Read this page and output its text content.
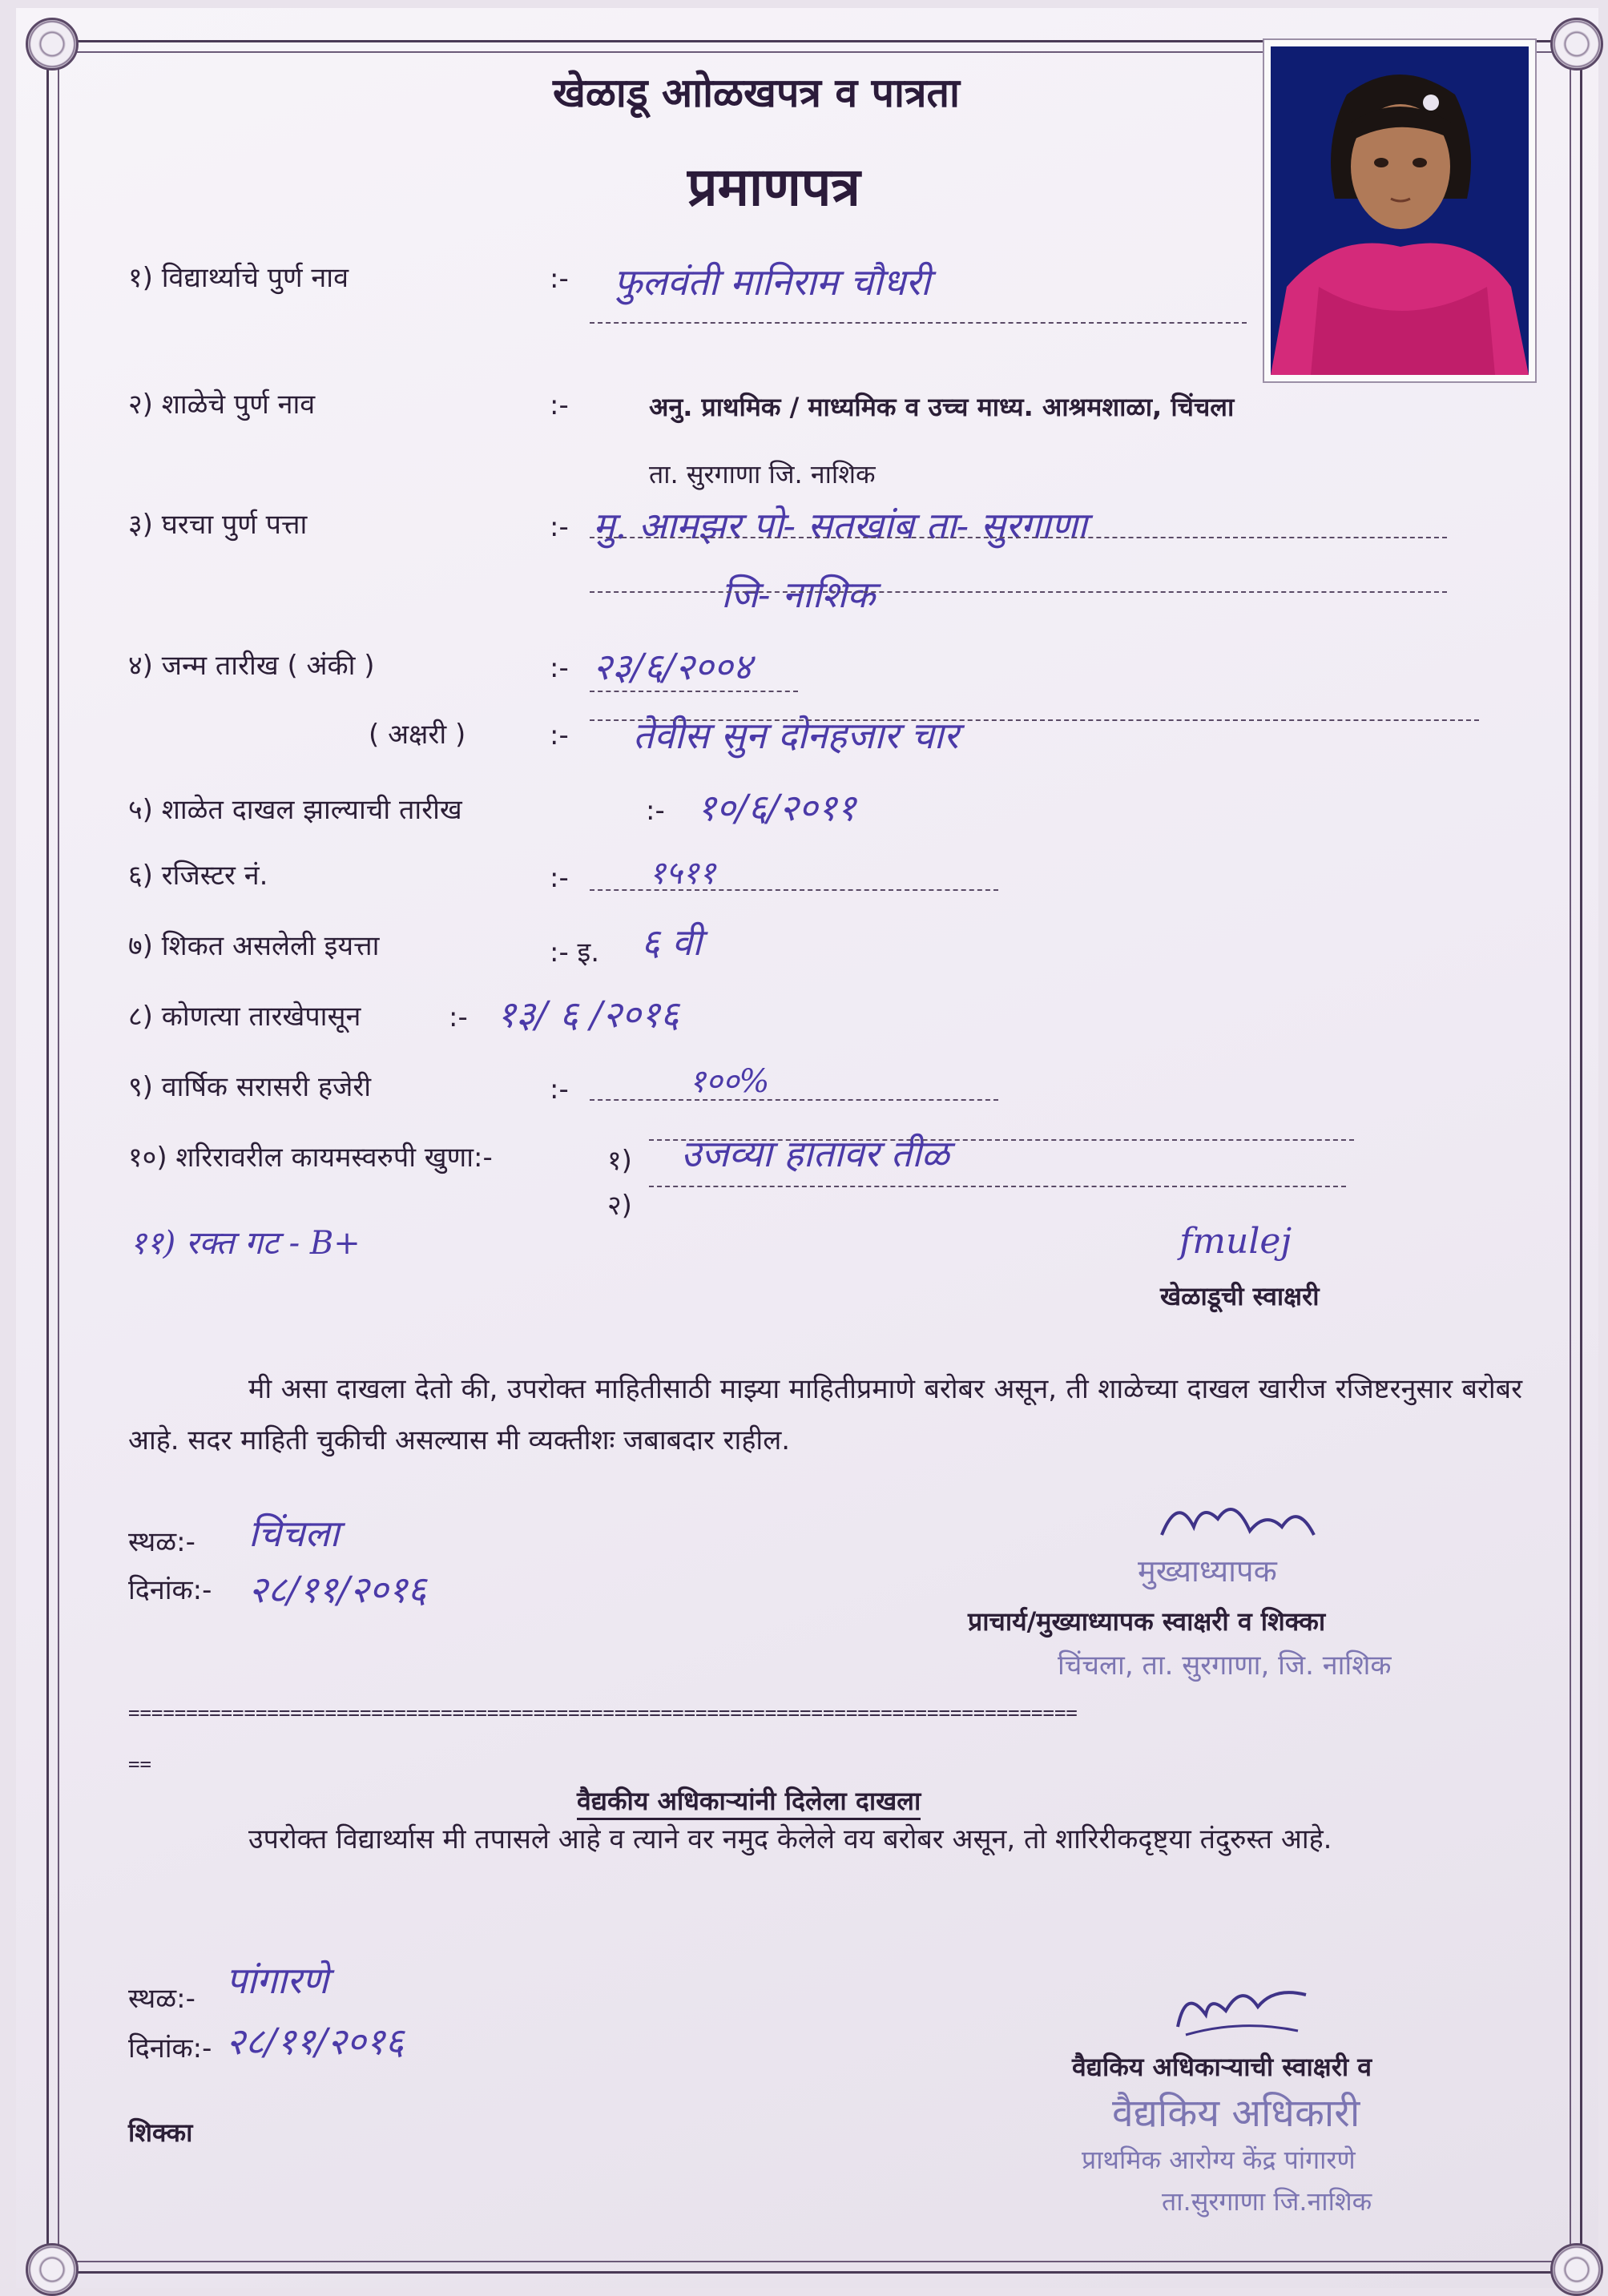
खेळाडू आोळखपत्र व पात्रता
प्रमाणपत्र
१) विद्यार्थ्याचे पुर्ण नाव	:- फुलवंती मानिराम चौधरी
२) शाळेचे पुर्ण नाव	:-	अनु. प्राथमिक / माध्यमिक व उच्च माध्य. आश्रमशाळा, चिंचला
ता. सुरगाणा जि. नाशिक
३) घरचा पुर्ण पत्ता	:- मु. आमझर पो- सतखांब ता- सुरगाणा
जि- नाशिक
४) जन्म तारीख ( अंकी )	:- २३/६/२००४
( अक्षरी )	:- तेवीस सुन दोनहजार चार
५) शाळेत दाखल झाल्याची तारीख	:- १०/६/२०११
६) रजिस्टर नं.	:-	१५११
७) शिकत असलेली इयत्ता	:- इ. ६ वी
८) कोणत्या तारखेपासून	:- १३/ ६ /२०१६
९) वार्षिक सरासरी हजेरी	:-	१००%
१०) शरिरावरील कायमस्वरुपी खुणा:-	१) उजव्या हातावर तीळ
२)
११) रक्त गट - B+	fmulej
खेळाडूची स्वाक्षरी
मी असा दाखला देतो की, उपरोक्त माहितीसाठी माझ्या माहितीप्रमाणे बरोबर असून, ती शाळेच्या दाखल खारीज रजिष्टरनुसार बरोबर आहे. सदर माहिती चुकीची असल्यास मी व्यक्तीशः जबाबदार राहील.
स्थळ:- चिंचला
दिनांक:- २८/११/२०१६	मुख्याध्यापक
प्राचार्य/मुख्याध्यापक स्वाक्षरी व शिक्का
चिंचला, ता. सुरगाणा, जि. नाशिक
==================================================================================
==
वैद्यकीय अधिकाऱ्यांनी दिलेला दाखला
उपरोक्त विद्यार्थ्यास मी तपासले आहे व त्याने वर नमुद केलेले वय बरोबर असून, तो शारिरीकदृष्ट्या तंदुरुस्त आहे.
स्थळ:- पांगारणे
दिनांक:- २८/११/२०१६
शिक्का
वैद्यकिय अधिकाऱ्याची स्वाक्षरी व
वैद्यकिय अधिकारी
प्राथमिक आरोग्य केंद्र पांगारणे
ता.सुरगाणा जि.नाशिक
